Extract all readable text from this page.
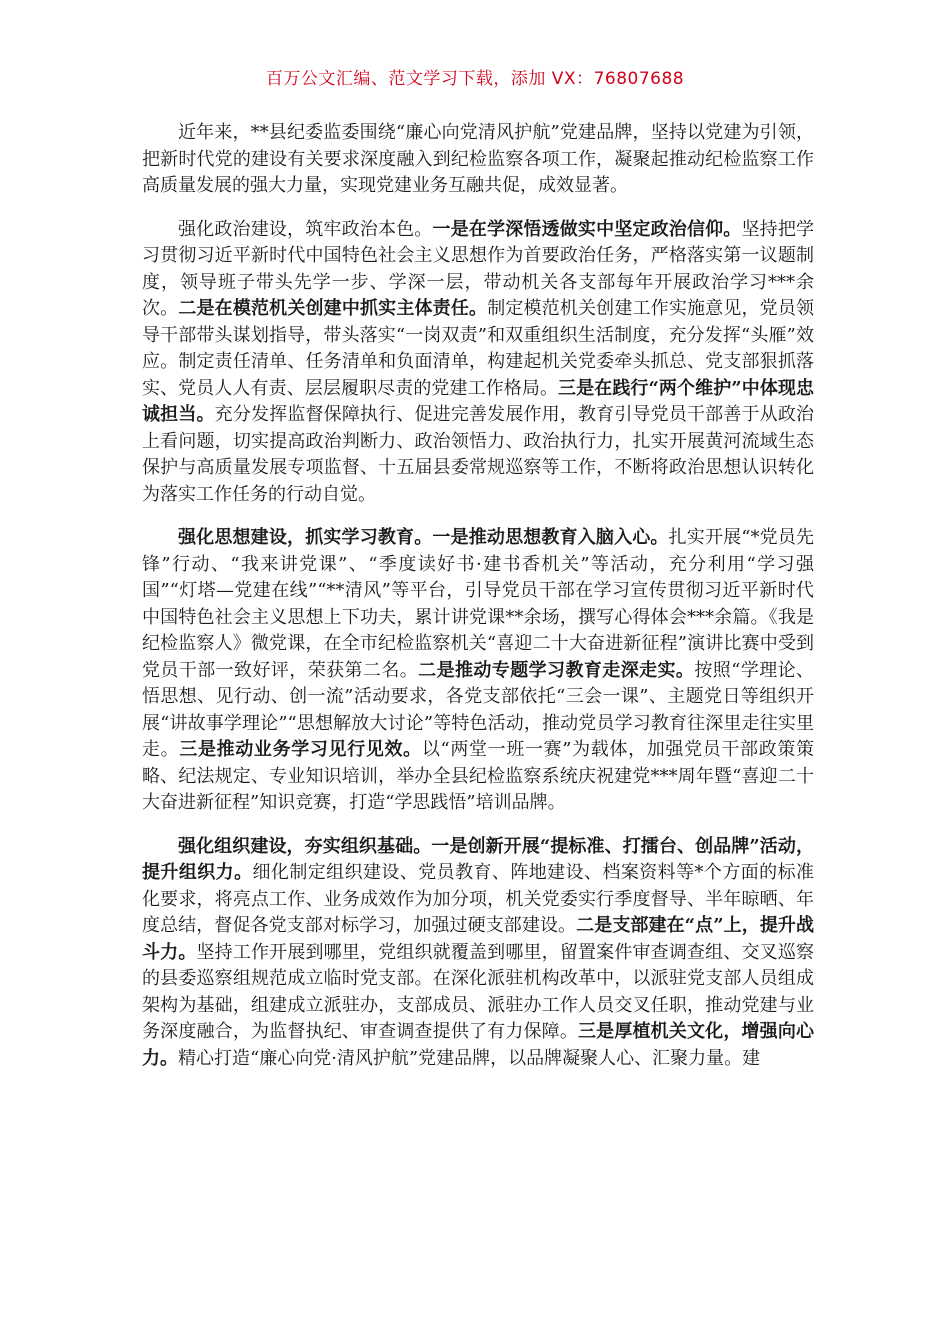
百万公文汇编、范文学习下载，添加 VX：76807688

近年来，**县纪委监委围绕“廉心向党清风护航”党建品牌，坚持以党建为引领，把新时代党的建设有关要求深度融入到纪检监察各项工作，凝聚起推动纪检监察工作高质量发展的强大力量，实现党建业务互融共促，成效显著。

强化政治建设，筑牢政治本色。一是在学深悟透做实中坚定政治信仰。坚持把学习贯彻习近平新时代中国特色社会主义思想作为首要政治任务，严格落实第一议题制度，领导班子带头先学一步、学深一层，带动机关各支部每年开展政治学习***余次。二是在模范机关创建中抓实主体责任。制定模范机关创建工作实施意见，党员领导干部带头谋划指导，带头落实“一岗双责”和双重组织生活制度，充分发挥“头雁”效应。制定责任清单、任务清单和负面清单，构建起机关党委牵头抓总、党支部狠抓落实、党员人人有责、层层履职尽责的党建工作格局。三是在践行“两个维护”中体现忠诚担当。充分发挥监督保障执行、促进完善发展作用，教育引导党员干部善于从政治上看问题，切实提高政治判断力、政治领悟力、政治执行力，扎实开展黄河流域生态保护与高质量发展专项监督、十五届县委常规巡察等工作，不断将政治思想认识转化为落实工作任务的行动自觉。

强化思想建设，抓实学习教育。一是推动思想教育入脑入心。扎实开展“*党员先锋”行动、“我来讲党课”、“季度读好书·建书香机关”等活动，充分利用“学习强国”“灯塔—党建在线”“**清风”等平台，引导党员干部在学习宣传贯彻习近平新时代中国特色社会主义思想上下功夫，累计讲党课**余场，撰写心得体会***余篇。《我是纪检监察人》微党课，在全市纪检监察机关“喜迎二十大奋进新征程”演讲比赛中受到党员干部一致好评，荣获第二名。二是推动专题学习教育走深走实。按照“学理论、悟思想、见行动、创一流”活动要求，各党支部依托“三会一课”、主题党日等组织开展“讲故事学理论”“思想解放大讨论”等特色活动，推动党员学习教育往深里走往实里走。三是推动业务学习见行见效。以“两堂一班一赛”为载体，加强党员干部政策策略、纪法规定、专业知识培训，举办全县纪检监察系统庆祝建党***周年暨“喜迎二十大奋进新征程”知识竞赛，打造“学思践悟”培训品牌。

强化组织建设，夯实组织基础。一是创新开展“提标准、打擂台、创品牌”活动，提升组织力。细化制定组织建设、党员教育、阵地建设、档案资料等*个方面的标准化要求，将亮点工作、业务成效作为加分项，机关党委实行季度督导、半年晾晒、年度总结，督促各党支部对标学习，加强过硬支部建设。二是支部建在“点”上，提升战斗力。坚持工作开展到哪里，党组织就覆盖到哪里，留置案件审查调查组、交叉巡察的县委巡察组规范成立临时党支部。在深化派驻机构改革中，以派驻党支部人员组成架构为基础，组建成立派驻办，支部成员、派驻办工作人员交叉任职，推动党建与业务深度融合，为监督执纪、审查调查提供了有力保障。三是厚植机关文化，增强向心力。精心打造“廉心向党·清风护航”党建品牌，以品牌凝聚人心、汇聚力量。建
